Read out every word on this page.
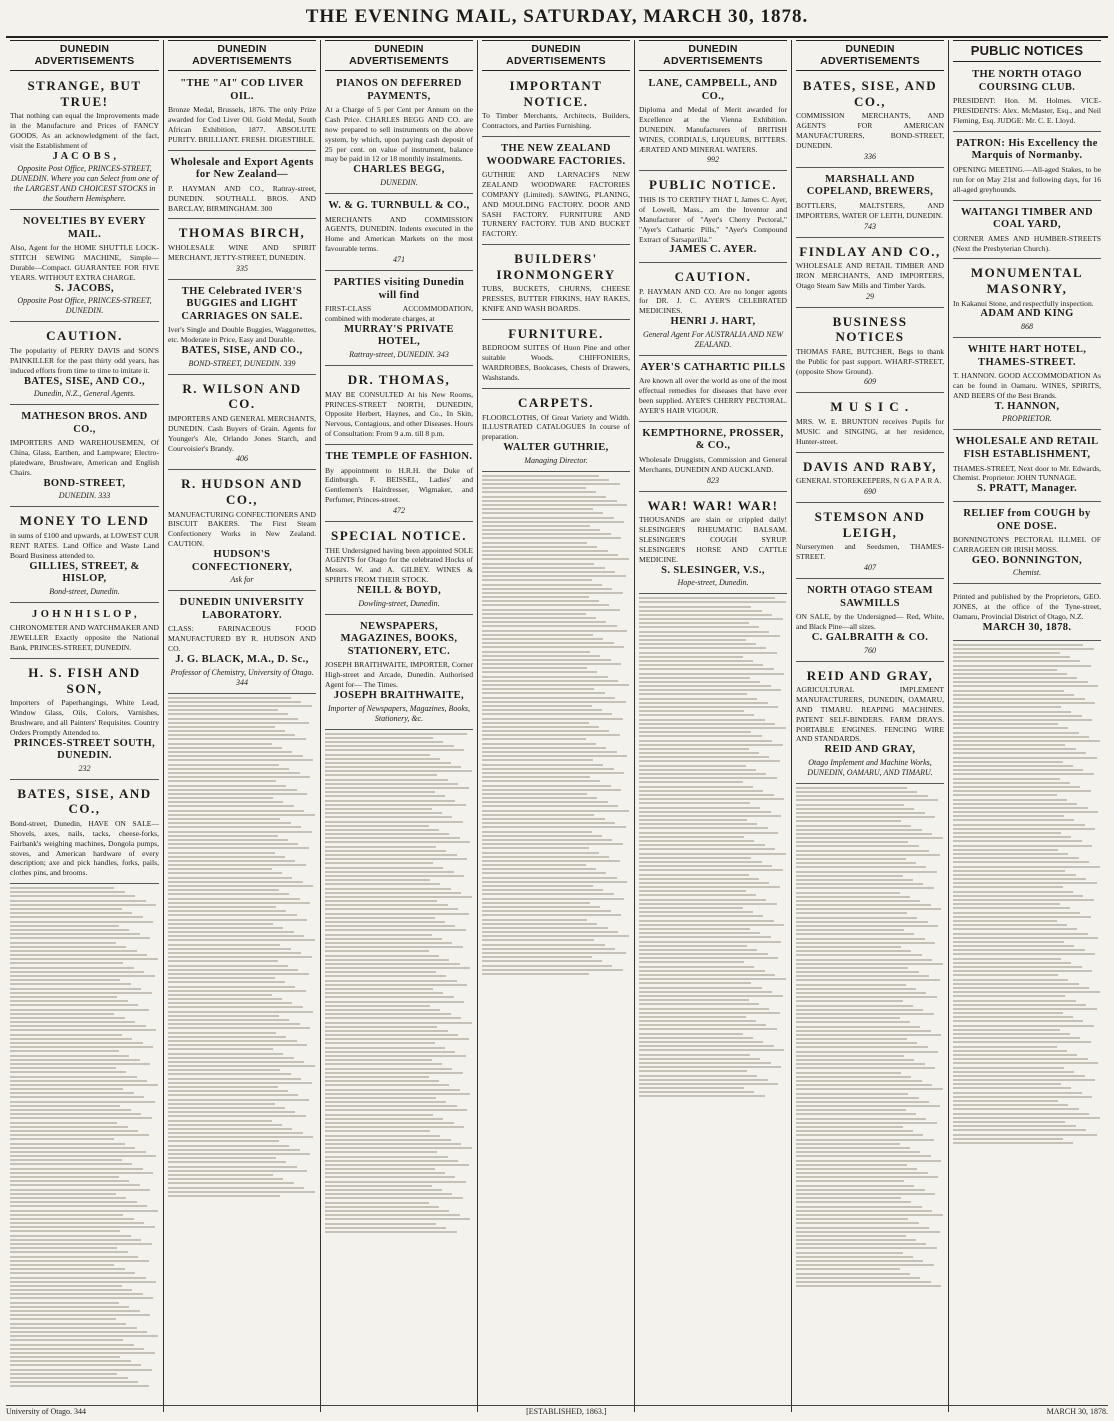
THE EVENING MAIL, SATURDAY, MARCH 30, 1878.
DUNEDIN ADVERTISEMENTS
STRANGE, BUT TRUE!
That nothing can equal the Improvements made in the Manufacture and Prices of FANCY GOODS. As an acknowledgment of the fact, visit the Establishment of
J A C O B S ,
Opposite Post Office, PRINCES-STREET, DUNEDIN. Where you can Select from one of the LARGEST AND CHOICEST STOCKS in the Southern Hemisphere.
NOVELTIES BY EVERY MAIL.
Also, Agent for the HOME SHUTTLE LOCK-STITCH SEWING MACHINE, Simple—Durable—Compact. GUARANTEE FOR FIVE YEARS. WITHOUT EXTRA CHARGE.
S. JACOBS,
Opposite Post Office, PRINCES-STREET, DUNEDIN.
CAUTION.
The popularity of PERRY DAVIS and SON'S PAINKILLER for the past thirty odd years, has induced efforts from time to time to imitate it.
BATES, SISE, AND CO.,
Dunedin, N.Z., General Agents.
MATHESON BROS. AND CO.,
IMPORTERS AND WAREHOUSEMEN, Of China, Glass, Earthen, and Lampware; Electro-platedware, Brushware, American and English Chairs.
BOND-STREET,
DUNEDIN. 333
MONEY TO LEND
in sums of £100 and upwards, at LOWEST CUR RENT RATES. Land Office and Waste Land Board Business attended to.
GILLIES, STREET, & HISLOP,
Bond-street, Dunedin.
J O H N H I S L O P ,
CHRONOMETER AND WATCHMAKER AND JEWELLER Exactly opposite the National Bank, PRINCES-STREET, DUNEDIN.
H. S. FISH AND SON,
Importers of Paperhangings, White Lead, Window Glass, Oils, Colors, Varnishes, Brushware, and all Painters' Requisites. Country Orders Promptly Attended to.
PRINCES-STREET SOUTH, DUNEDIN.
232
BATES, SISE, AND CO.,
Bond-street, Dunedin, HAVE ON SALE— Shovels, axes, nails, tacks, cheese-forks, Fairbank's weighing machines, Dongola pumps, stoves, and American hardware of every description; axe and pick handles, forks, pails, clothes pins, and brooms.
DUNEDIN ADVERTISEMENTS
"THE "AI" COD LIVER OIL.
Bronze Medal, Brussels, 1876. The only Prize awarded for Cod Liver Oil. Gold Medal, South African Exhibition, 1877. ABSOLUTE PURITY. BRILLIANT. FRESH. DIGESTIBLE.
Wholesale and Export Agents for New Zealand—
P. HAYMAN AND CO., Rattray-street, DUNEDIN. SOUTHALL BROS. AND BARCLAY, BIRMINGHAM. 300
THOMAS BIRCH,
WHOLESALE WINE AND SPIRIT MERCHANT, JETTY-STREET, DUNEDIN.
335
THE Celebrated IVER'S BUGGIES and LIGHT CARRIAGES ON SALE.
Iver's Single and Double Buggies, Waggonettes, etc. Moderate in Price, Easy and Durable.
BATES, SISE, AND CO.,
BOND-STREET, DUNEDIN. 339
R. WILSON AND CO.
IMPORTERS AND GENERAL MERCHANTS, DUNEDIN. Cash Buyers of Grain. Agents for Younger's Ale, Orlando Jones Starch, and Courvoisier's Brandy.
406
R. HUDSON AND CO.,
MANUFACTURING CONFECTIONERS AND BISCUIT BAKERS. The First Steam Confectionery Works in New Zealand. CAUTION.
HUDSON'S CONFECTIONERY,
Ask for
DUNEDIN UNIVERSITY LABORATORY.
CLASS: FARINACEOUS FOOD MANUFACTURED BY R. HUDSON AND CO.
J. G. BLACK, M.A., D. Sc.,
Professor of Chemistry, University of Otago. 344
DUNEDIN ADVERTISEMENTS
PIANOS ON DEFERRED PAYMENTS,
At a Charge of 5 per Cent per Annum on the Cash Price. CHARLES BEGG AND CO. are now prepared to sell instruments on the above system, by which, upon paying cash deposit of 25 per cent. on value of instrument, balance may be paid in 12 or 18 monthly instalments.
CHARLES BEGG,
DUNEDIN.
W. & G. TURNBULL & CO.,
MERCHANTS AND COMMISSION AGENTS, DUNEDIN. Indents executed in the Home and American Markets on the most favourable terms.
471
PARTIES visiting Dunedin will find
FIRST-CLASS ACCOMMODATION, combined with moderate charges, at
MURRAY'S PRIVATE HOTEL,
Rattray-street, DUNEDIN. 343
DR. THOMAS,
MAY BE CONSULTED At his New Rooms, PRINCES-STREET NORTH, DUNEDIN, Opposite Herbert, Haynes, and Co., In Skin, Nervous, Contagious, and other Diseases. Hours of Consultation: From 9 a.m. till 8 p.m.
THE TEMPLE OF FASHION.
By appointment to H.R.H. the Duke of Edinburgh. F. BEISSEL, Ladies' and Gentlemen's Hairdresser, Wigmaker, and Perfumer, Princes-street.
472
SPECIAL NOTICE.
THE Undersigned having been appointed SOLE AGENTS for Otago for the celebrated Hocks of Messrs. W. and A. GILBEY. WINES & SPIRITS FROM THEIR STOCK.
NEILL & BOYD,
Dowling-street, Dunedin.
NEWSPAPERS, MAGAZINES, BOOKS, STATIONERY, ETC.
JOSEPH BRAITHWAITE, IMPORTER, Corner High-street and Arcade, Dunedin. Authorised Agent for— The Times.
JOSEPH BRAITHWAITE,
Importer of Newspapers, Magazines, Books, Stationery, &c.
DUNEDIN ADVERTISEMENTS
IMPORTANT NOTICE.
To Timber Merchants, Architects, Builders, Contractors, and Parties Furnishing.
THE NEW ZEALAND WOODWARE FACTORIES.
GUTHRIE AND LARNACH'S NEW ZEALAND WOODWARE FACTORIES COMPANY (Limited). SAWING, PLANING, AND MOULDING FACTORY. DOOR AND SASH FACTORY. FURNITURE AND TURNERY FACTORY. TUB AND BUCKET FACTORY.
BUILDERS' IRONMONGERY
TUBS, BUCKETS, CHURNS, CHEESE PRESSES, BUTTER FIRKINS, HAY RAKES, KNIFE AND WASH BOARDS.
FURNITURE.
BEDROOM SUITES Of Huon Pine and other suitable Woods. CHIFFONIERS, WARDROBES, Bookcases, Chests of Drawers, Washstands.
CARPETS.
FLOORCLOTHS, Of Great Variety and Width. ILLUSTRATED CATALOGUES In course of preparation.
WALTER GUTHRIE,
Managing Director.
DUNEDIN ADVERTISEMENTS
LANE, CAMPBELL, AND CO.,
Diploma and Medal of Merit awarded for Excellence at the Vienna Exhibition. DUNEDIN. Manufacturers of BRITISH WINES, CORDIALS, LIQUEURS, BITTERS. ÆRATED AND MINERAL WATERS.
992
PUBLIC NOTICE.
THIS IS TO CERTIFY THAT I, James C. Ayer, of Lowell, Mass., am the Inventor and Manufacturer of "Ayer's Cherry Pectoral," "Ayer's Cathartic Pills," "Ayer's Compound Extract of Sarsaparilla."
JAMES C. AYER.
CAUTION.
P. HAYMAN AND CO. Are no longer agents for DR. J. C. AYER'S CELEBRATED MEDICINES.
HENRI J. HART,
General Agent For AUSTRALIA AND NEW ZEALAND.
AYER'S CATHARTIC PILLS
Are known all over the world as one of the most effectual remedies for diseases that have ever been supplied. AYER'S CHERRY PECTORAL. AYER'S HAIR VIGOUR.
KEMPTHORNE, PROSSER, & CO.,
Wholesale Druggists, Commission and General Merchants, DUNEDIN AND AUCKLAND.
823
WAR! WAR! WAR!
THOUSANDS are slain or crippled daily! SLESINGER'S RHEUMATIC BALSAM. SLESINGER'S COUGH SYRUP. SLESINGER'S HORSE AND CATTLE MEDICINE.
S. SLESINGER, V.S.,
Hope-street, Dunedin.
DUNEDIN ADVERTISEMENTS
BATES, SISE, AND CO.,
COMMISSION MERCHANTS, AND AGENTS FOR AMERICAN MANUFACTURERS, BOND-STREET, DUNEDIN.
336
MARSHALL AND COPELAND, BREWERS,
BOTTLERS, MALTSTERS, AND IMPORTERS, WATER OF LEITH, DUNEDIN.
743
FINDLAY AND CO.,
WHOLESALE AND RETAIL TIMBER AND IRON MERCHANTS, AND IMPORTERS, Otago Steam Saw Mills and Timber Yards.
29
BUSINESS NOTICES
THOMAS FARE, BUTCHER, Begs to thank the Public for past support. WHARF-STREET, (opposite Show Ground).
609
M U S I C .
MRS. W. E. BRUNTON receives Pupils for MUSIC and SINGING, at her residence, Hunter-street.
DAVIS AND RABY,
GENERAL STOREKEEPERS, N G A P A R A.
690
STEMSON AND LEIGH,
Nurserymen and Seedsmen, THAMES-STREET.
407
NORTH OTAGO STEAM SAWMILLS
ON SALE, by the Undersigned— Red, White, and Black Pine—all sizes.
C. GALBRAITH & CO.
760
REID AND GRAY,
AGRICULTURAL IMPLEMENT MANUFACTURERS, DUNEDIN, OAMARU, AND TIMARU. REAPING MACHINES. PATENT SELF-BINDERS. FARM DRAYS. PORTABLE ENGINES. FENCING WIRE AND STANDARDS.
REID AND GRAY,
Otago Implement and Machine Works, DUNEDIN, OAMARU, AND TIMARU.
PUBLIC NOTICES
THE NORTH OTAGO COURSING CLUB.
PRESIDENT: Hon. M. Holmes. VICE-PRESIDENTS: Alex. McMaster, Esq., and Neil Fleming, Esq. JUDGE: Mr. C. E. Lloyd.
PATRON: His Excellency the Marquis of Normanby.
OPENING MEETING.—All-aged Stakes, to be run for on May 21st and following days, for 16 all-aged greyhounds.
WAITANGI TIMBER AND COAL YARD,
CORNER AMES AND HUMBER-STREETS (Next the Presbyterian Church).
MONUMENTAL MASONRY,
In Kakanui Stone, and respectfully inspection.
ADAM AND KING
868
WHITE HART HOTEL, THAMES-STREET.
T. HANNON. GOOD ACCOMMODATION As can be found in Oamaru. WINES, SPIRITS, AND BEERS Of the Best Brands.
T. HANNON,
PROPRIETOR.
WHOLESALE AND RETAIL FISH ESTABLISHMENT,
THAMES-STREET, Next door to Mr. Edwards, Chemist. Proprietor: JOHN TUNNAGE.
S. PRATT, Manager.
RELIEF from COUGH by ONE DOSE.
BONNINGTON'S PECTORAL ILLMEL OF CARRAGEEN OR IRISH MOSS.
GEO. BONNINGTON,
Chemist.
Printed and published by the Proprietors, GEO. JONES, at the office of the Tyne-street, Oamaru, Provincial District of Otago, N.Z.
MARCH 30, 1878.
University of Otago. 344	[ESTABLISHED, 1863.]	MARCH 30, 1878.
